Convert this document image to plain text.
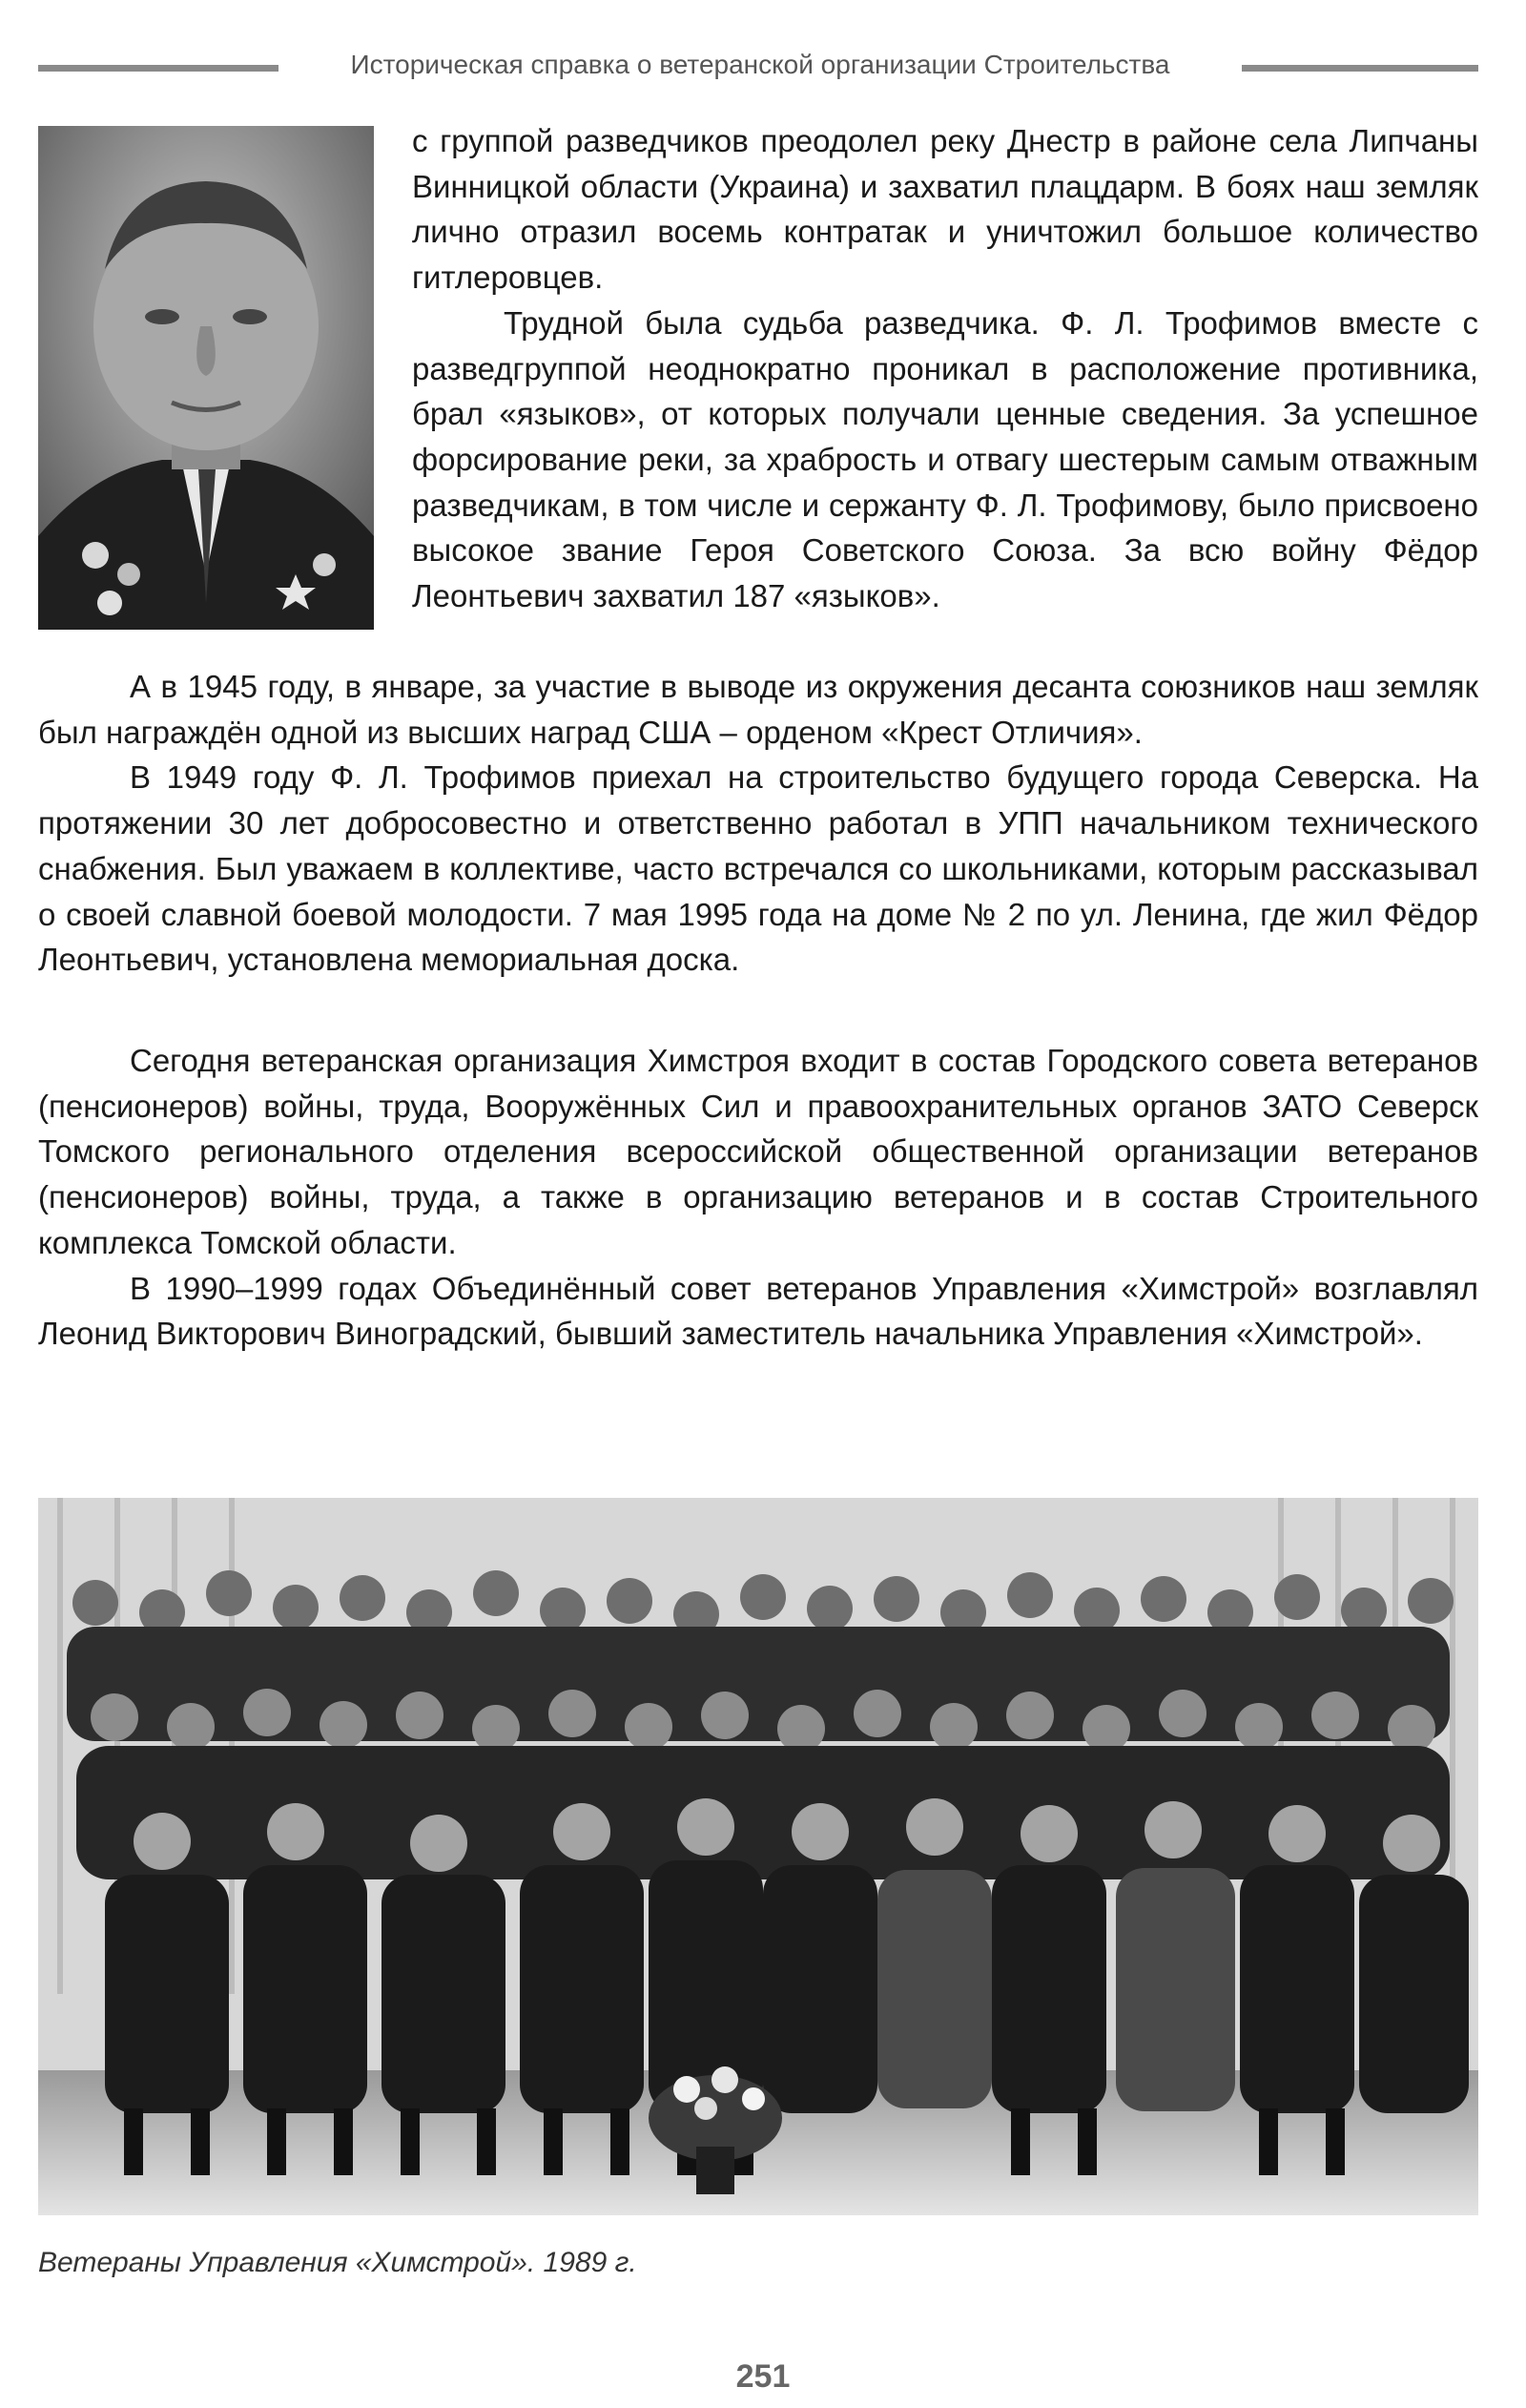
Историческая справка о ветеранской организации Строительства

с группой разведчиков преодолел реку Днестр в районе села Липчаны Винницкой области (Украина) и захватил плацдарм. В боях наш земляк лично отразил восемь контратак и уничтожил большое количество гитлеровцев.

Трудной была судьба разведчика. Ф. Л. Трофимов вместе с разведгруппой неоднократно проникал в расположение противника, брал «языков», от которых получали ценные сведения. За успешное форсирование реки, за храбрость и отвагу шестерым самым отважным разведчикам, в том числе и сержанту Ф. Л. Трофимову, было присвоено высокое звание Героя Советского Союза. За всю войну Фёдор Леонтьевич захватил 187 «языков».

А в 1945 году, в январе, за участие в выводе из окружения десанта союзников наш земляк был награждён одной из высших наград США – орденом «Крест Отличия».

В 1949 году Ф. Л. Трофимов приехал на строительство будущего города Северска. На протяжении 30 лет добросовестно и ответственно работал в УПП начальником технического снабжения. Был уважаем в коллективе, часто встречался со школьниками, которым рассказывал о своей славной боевой молодости. 7 мая 1995 года на доме № 2 по ул. Ленина, где жил Фёдор Леонтьевич, установлена мемориальная доска.

Сегодня ветеранская организация Химстроя входит в состав Городского совета ветеранов (пенсионеров) войны, труда, Вооружённых Сил и правоохранительных органов ЗАТО Северск Томского регионального отделения всероссийской общественной организации ветеранов (пенсионеров) войны, труда, а также в организацию ветеранов и в состав Строительного комплекса Томской области.

В 1990–1999 годах Объединённый совет ветеранов Управления «Химстрой» возглавлял Леонид Викторович Виноградский, бывший заместитель начальника Управления «Химстрой».

Ветераны Управления «Химстрой». 1989 г.
251
